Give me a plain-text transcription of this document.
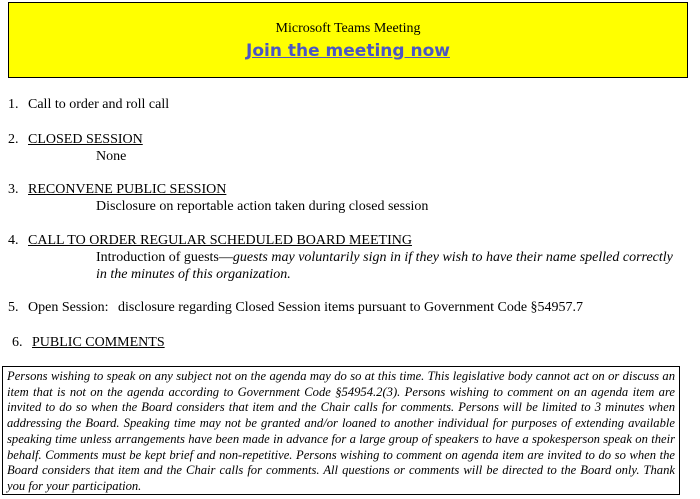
Microsoft Teams Meeting
Join the meeting now
1. Call to order and roll call
2. CLOSED SESSION
None
3. RECONVENE PUBLIC SESSION
Disclosure on reportable action taken during closed session
4. CALL TO ORDER REGULAR SCHEDULED BOARD MEETING
Introduction of guests—guests may voluntarily sign in if they wish to have their name spelled correctly
in the minutes of this organization.
5. Open Session: disclosure regarding Closed Session items pursuant to Government Code §54957.7
6. PUBLIC COMMENTS
Persons wishing to speak on any subject not on the agenda may do so at this time. This legislative body cannot act on or discuss an item that is not on the agenda according to Government Code §54954.2(3). Persons wishing to comment on an agenda item are invited to do so when the Board considers that item and the Chair calls for comments. Persons will be limited to 3 minutes when addressing the Board. Speaking time may not be granted and/or loaned to another individual for purposes of extending available speaking time unless arrangements have been made in advance for a large group of speakers to have a spokesperson speak on their behalf. Comments must be kept brief and non-repetitive. Persons wishing to comment on agenda item are invited to do so when the Board considers that item and the Chair calls for comments. All questions or comments will be directed to the Board only. Thank you for your participation.
